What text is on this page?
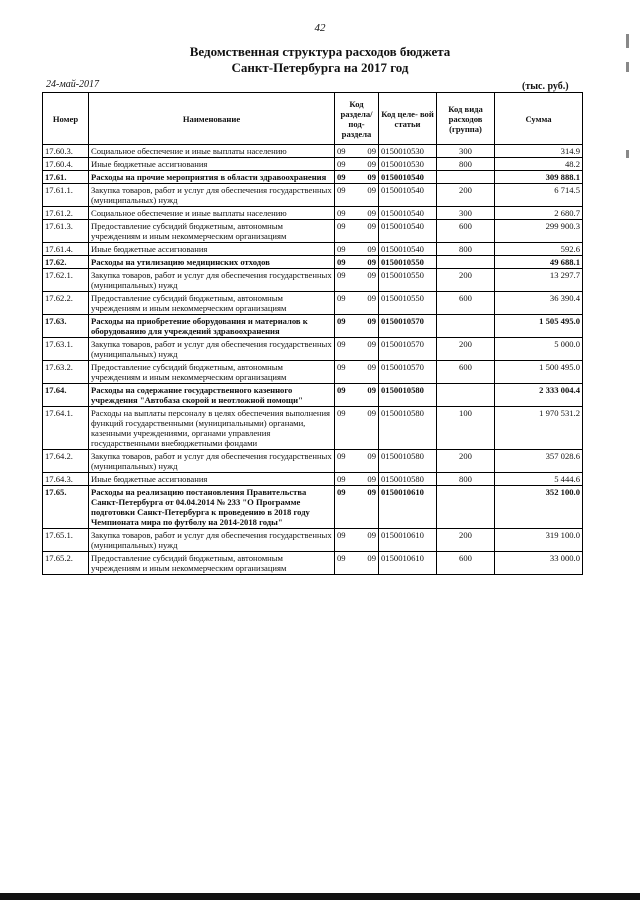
42
Ведомственная структура расходов бюджета
Санкт-Петербурга на 2017 год
24-май-2017	(тыс. руб.)
Номер	Наименование	Код раздела/ под- раздела	Код целе- вой статьи	Код вида расходов (группа)	Сумма
17.60.3.	Социальное обеспечение и иные выплаты населению	09 09	0150010530	300	314.9
17.60.4.	Иные бюджетные ассигнования	09 09	0150010530	800	48.2
17.61.	Расходы на прочие мероприятия в области здравоохранения	09 09	0150010540		309 888.1
17.61.1.	Закупка товаров, работ и услуг для обеспечения государственных (муниципальных) нужд	09 09	0150010540	200	6 714.5
17.61.2.	Социальное обеспечение и иные выплаты населению	09 09	0150010540	300	2 680.7
17.61.3.	Предоставление субсидий бюджетным, автономным учреждениям и иным некоммерческим организациям	09 09	0150010540	600	299 900.3
17.61.4.	Иные бюджетные ассигнования	09 09	0150010540	800	592.6
17.62.	Расходы на утилизацию медицинских отходов	09 09	0150010550		49 688.1
17.62.1.	Закупка товаров, работ и услуг для обеспечения государственных (муниципальных) нужд	09 09	0150010550	200	13 297.7
17.62.2.	Предоставление субсидий бюджетным, автономным учреждениям и иным некоммерческим организациям	09 09	0150010550	600	36 390.4
17.63.	Расходы на приобретение оборудования и материалов к оборудованию для учреждений здравоохранения	09 09	0150010570		1 505 495.0
17.63.1.	Закупка товаров, работ и услуг для обеспечения государственных (муниципальных) нужд	09 09	0150010570	200	5 000.0
17.63.2.	Предоставление субсидий бюджетным, автономным учреждениям и иным некоммерческим организациям	09 09	0150010570	600	1 500 495.0
17.64.	Расходы на содержание государственного казенного учреждения "Автобаза скорой и неотложной помощи"	09 09	0150010580		2 333 004.4
17.64.1.	Расходы на выплаты персоналу в целях обеспечения выполнения функций государственными (муниципальными) органами, казенными учреждениями, органами управления государственными внебюджетными фондами	09 09	0150010580	100	1 970 531.2
17.64.2.	Закупка товаров, работ и услуг для обеспечения государственных (муниципальных) нужд	09 09	0150010580	200	357 028.6
17.64.3.	Иные бюджетные ассигнования	09 09	0150010580	800	5 444.6
17.65.	Расходы на реализацию постановления Правительства Санкт-Петербурга от 04.04.2014 № 233 "О Программе подготовки Санкт-Петербурга к проведению в 2018 году Чемпионата мира по футболу на 2014-2018 годы"	09 09	0150010610		352 100.0
17.65.1.	Закупка товаров, работ и услуг для обеспечения государственных (муниципальных) нужд	09 09	0150010610	200	319 100.0
17.65.2.	Предоставление субсидий бюджетным, автономным учреждениям и иным некоммерческим организациям	09 09	0150010610	600	33 000.0
